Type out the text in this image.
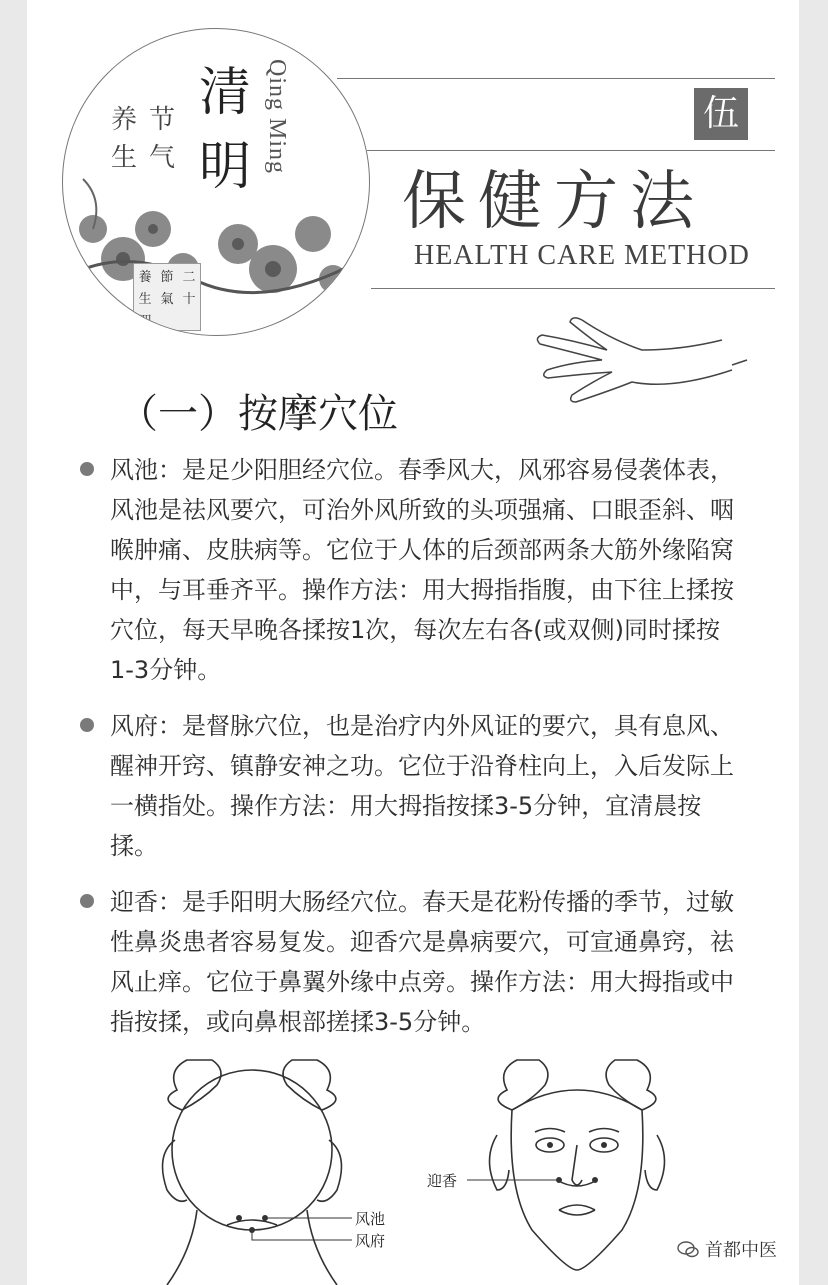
清
明
养 节
生 气	Qing Ming
養 節 二
生 氣 十
四
伍
保健方法
HEALTH CARE METHOD
（一）按摩穴位
风池：是足少阳胆经穴位。春季风大，风邪容易侵袭体表，风池是祛风要穴，可治外风所致的头项强痛、口眼歪斜、咽喉肿痛、皮肤病等。它位于人体的后颈部两条大筋外缘陷窝中，与耳垂齐平。操作方法：用大拇指指腹，由下往上揉按穴位，每天早晚各揉按1次，每次左右各(或双侧)同时揉按1-3分钟。
风府：是督脉穴位，也是治疗内外风证的要穴，具有息风、醒神开窍、镇静安神之功。它位于沿脊柱向上，入后发际上一横指处。操作方法：用大拇指按揉3-5分钟，宜清晨按揉。
迎香：是手阳明大肠经穴位。春天是花粉传播的季节，过敏性鼻炎患者容易复发。迎香穴是鼻病要穴，可宣通鼻窍，祛风止痒。它位于鼻翼外缘中点旁。操作方法：用大拇指或中指按揉，或向鼻根部搓揉3-5分钟。
风池
风府
迎香
首都中医
